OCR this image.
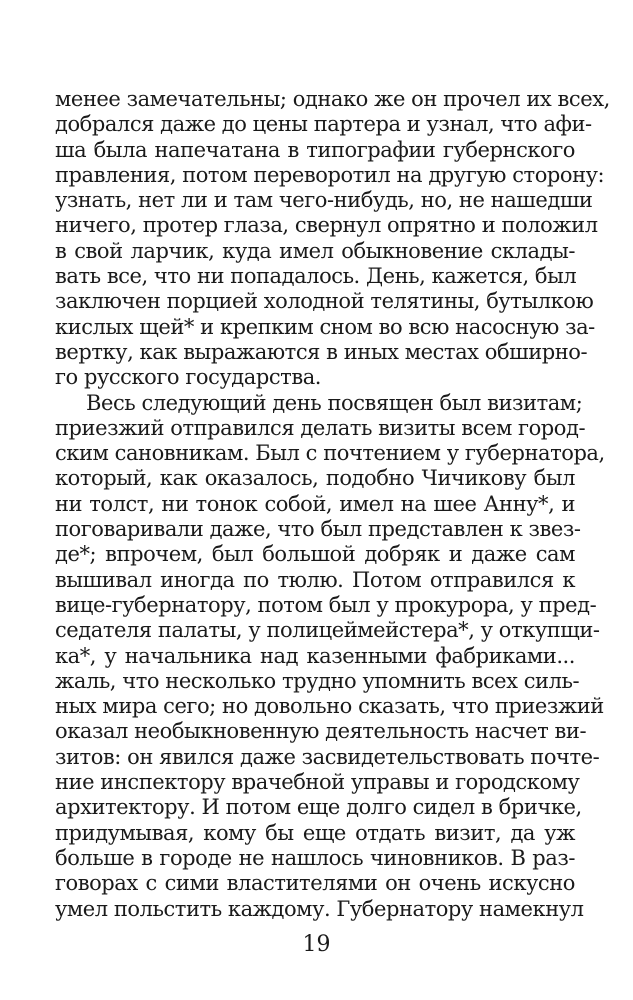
менее замечательны; однако же он прочел их всех,
добрался даже до цены партера и узнал, что афи-
ша была напечатана в типографии губернского
правления, потом переворотил на другую сторону:
узнать, нет ли и там чего-нибудь, но, не нашедши
ничего, протер глаза, свернул опрятно и положил
в свой ларчик, куда имел обыкновение склады-
вать все, что ни попадалось. День, кажется, был
заключен порцией холодной телятины, бутылкою
кислых щей* и крепким сном во всю насосную за-
вертку, как выражаются в иных местах обширно-
го русского государства.
Весь следующий день посвящен был визитам;
приезжий отправился делать визиты всем город-
ским сановникам. Был с почтением у губернатора,
который, как оказалось, подобно Чичикову был
ни толст, ни тонок собой, имел на шее Анну*, и
поговаривали даже, что был представлен к звез-
де*; впрочем, был большой добряк и даже сам
вышивал иногда по тюлю. Потом отправился к
вице-губернатору, потом был у прокурора, у пред-
седателя палаты, у полицеймейстера*, у откупщи-
ка*, у начальника над казенными фабриками...
жаль, что несколько трудно упомнить всех силь-
ных мира сего; но довольно сказать, что приезжий
оказал необыкновенную деятельность насчет ви-
зитов: он явился даже засвидетельствовать почте-
ние инспектору врачебной управы и городскому
архитектору. И потом еще долго сидел в бричке,
придумывая, кому бы еще отдать визит, да уж
больше в городе не нашлось чиновников. В раз-
говорах с сими властителями он очень искусно
умел польстить каждому. Губернатору намекнул
19
